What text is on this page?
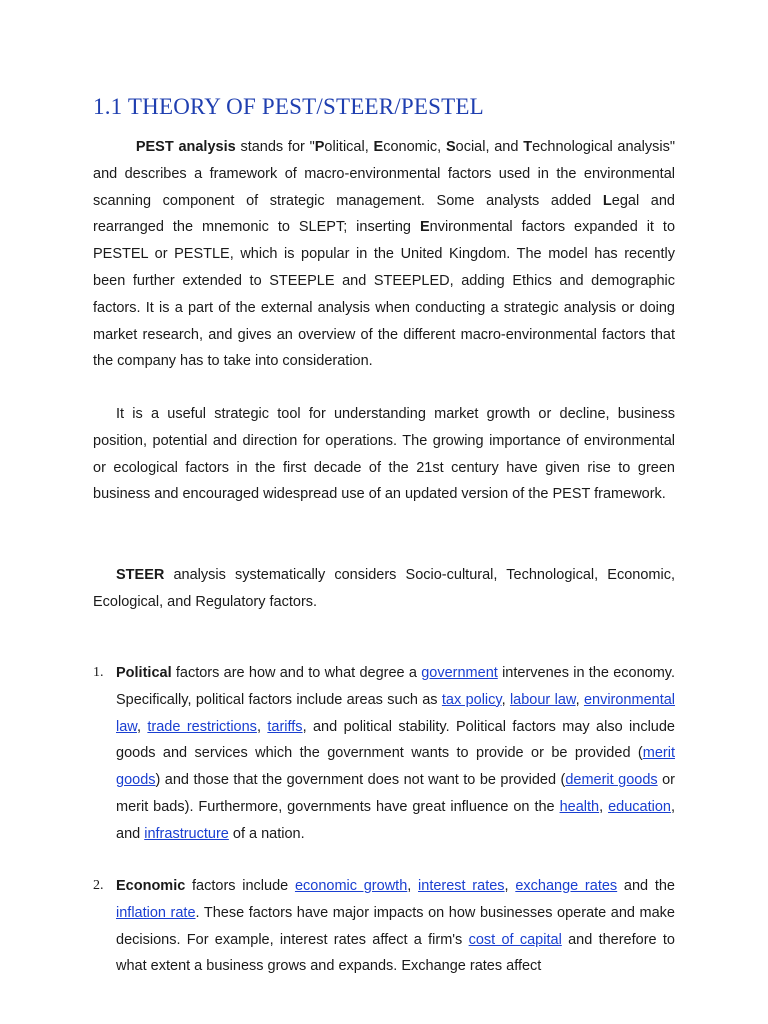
1.1 THEORY OF PEST/STEER/PESTEL

PEST analysis stands for "Political, Economic, Social, and Technological analysis" and describes a framework of macro-environmental factors used in the environmental scanning component of strategic management. Some analysts added Legal and rearranged the mnemonic to SLEPT; inserting Environmental factors expanded it to PESTEL or PESTLE, which is popular in the United Kingdom. The model has recently been further extended to STEEPLE and STEEPLED, adding Ethics and demographic factors. It is a part of the external analysis when conducting a strategic analysis or doing market research, and gives an overview of the different macro-environmental factors that the company has to take into consideration.

It is a useful strategic tool for understanding market growth or decline, business position, potential and direction for operations. The growing importance of environmental or ecological factors in the first decade of the 21st century have given rise to green business and encouraged widespread use of an updated version of the PEST framework.

STEER analysis systematically considers Socio-cultural, Technological, Economic, Ecological, and Regulatory factors.

1. Political factors are how and to what degree a government intervenes in the economy. Specifically, political factors include areas such as tax policy, labour law, environmental law, trade restrictions, tariffs, and political stability. Political factors may also include goods and services which the government wants to provide or be provided (merit goods) and those that the government does not want to be provided (demerit goods or merit bads). Furthermore, governments have great influence on the health, education, and infrastructure of a nation.
2. Economic factors include economic growth, interest rates, exchange rates and the inflation rate. These factors have major impacts on how businesses operate and make decisions. For example, interest rates affect a firm's cost of capital and therefore to what extent a business grows and expands. Exchange rates affect
